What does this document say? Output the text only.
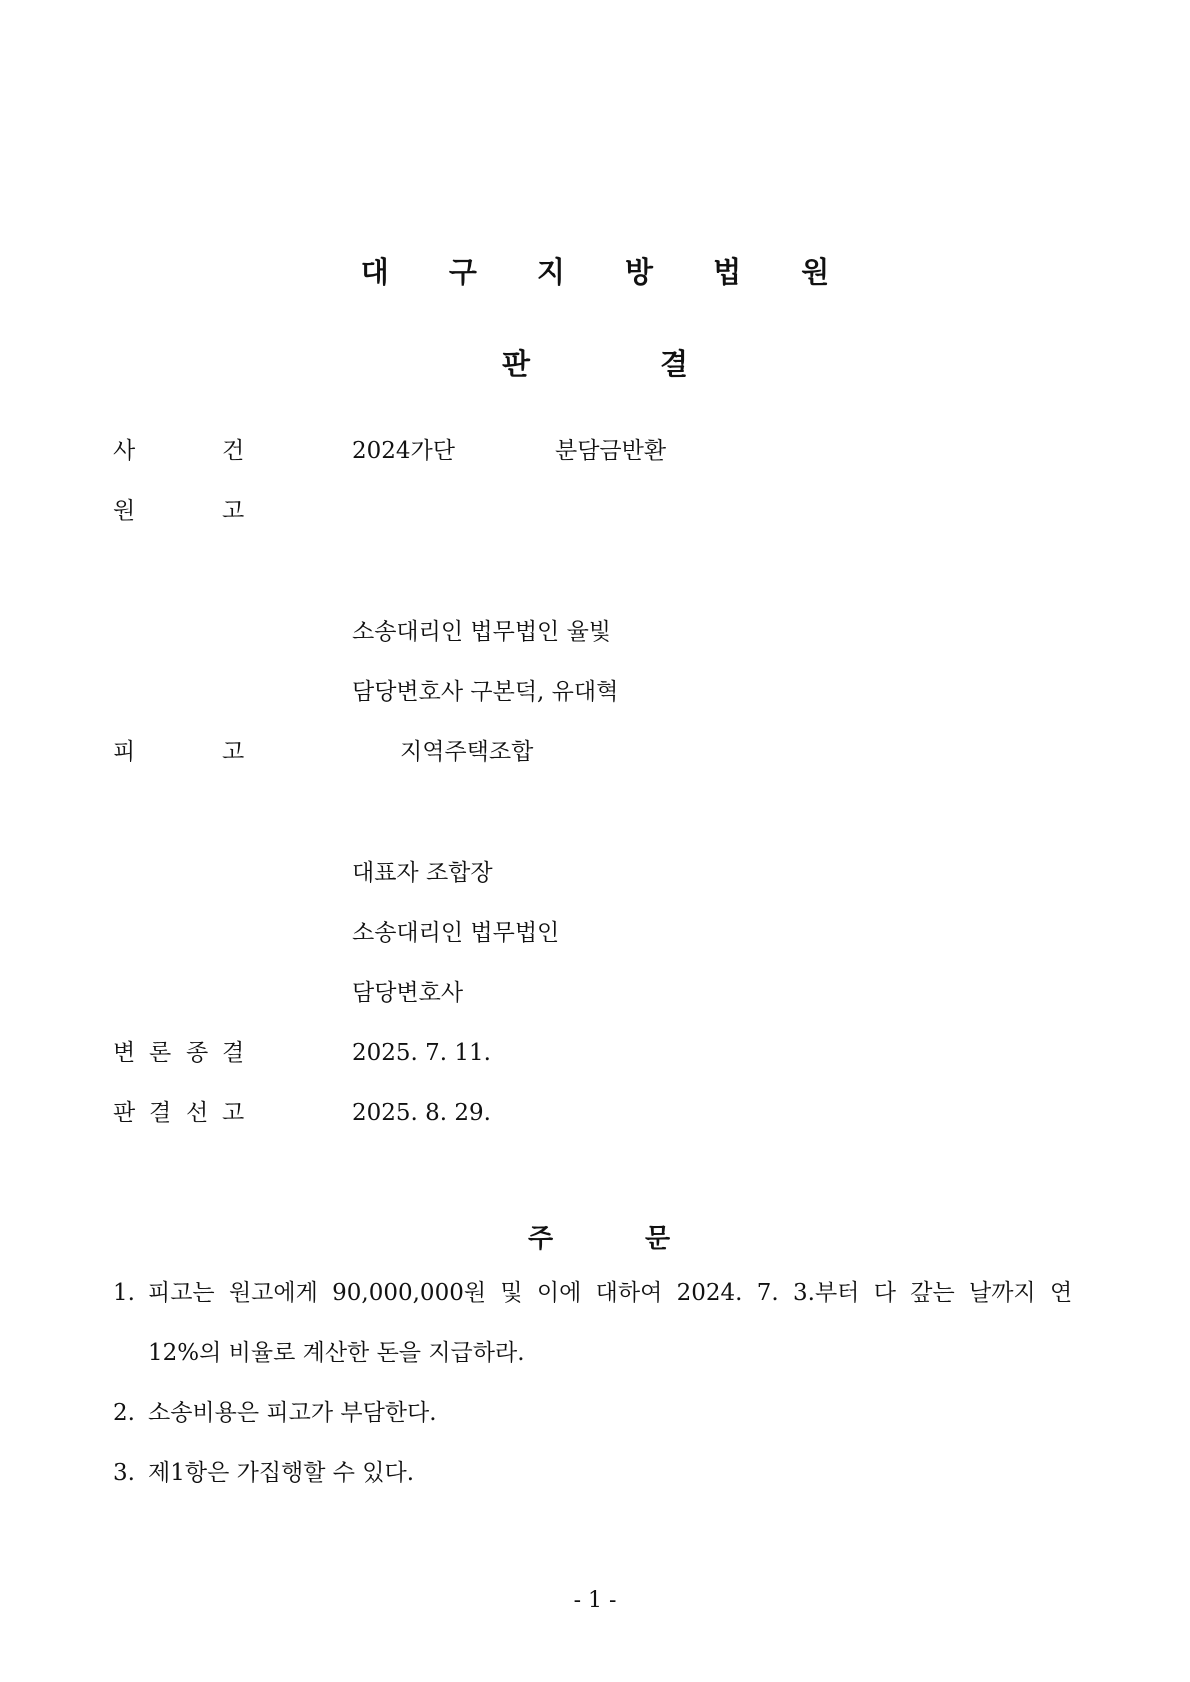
대 구 지 방 법 원
판	결
사	건	2024가단	분담금반환
원	고
소송대리인 법무법인 율빛
담당변호사 구본덕, 유대혁
피	고	지역주택조합
대표자 조합장
소송대리인 법무법인
담당변호사
변 론 종 결	2025. 7. 11.
판 결 선 고	2025. 8. 29.
주	문
1. 피고는 원고에게 90,000,000원 및 이에 대하여 2024. 7. 3.부터 다 갚는 날까지 연
12%의 비율로 계산한 돈을 지급하라.
2. 소송비용은 피고가 부담한다.
3. 제1항은 가집행할 수 있다.
- 1 -
